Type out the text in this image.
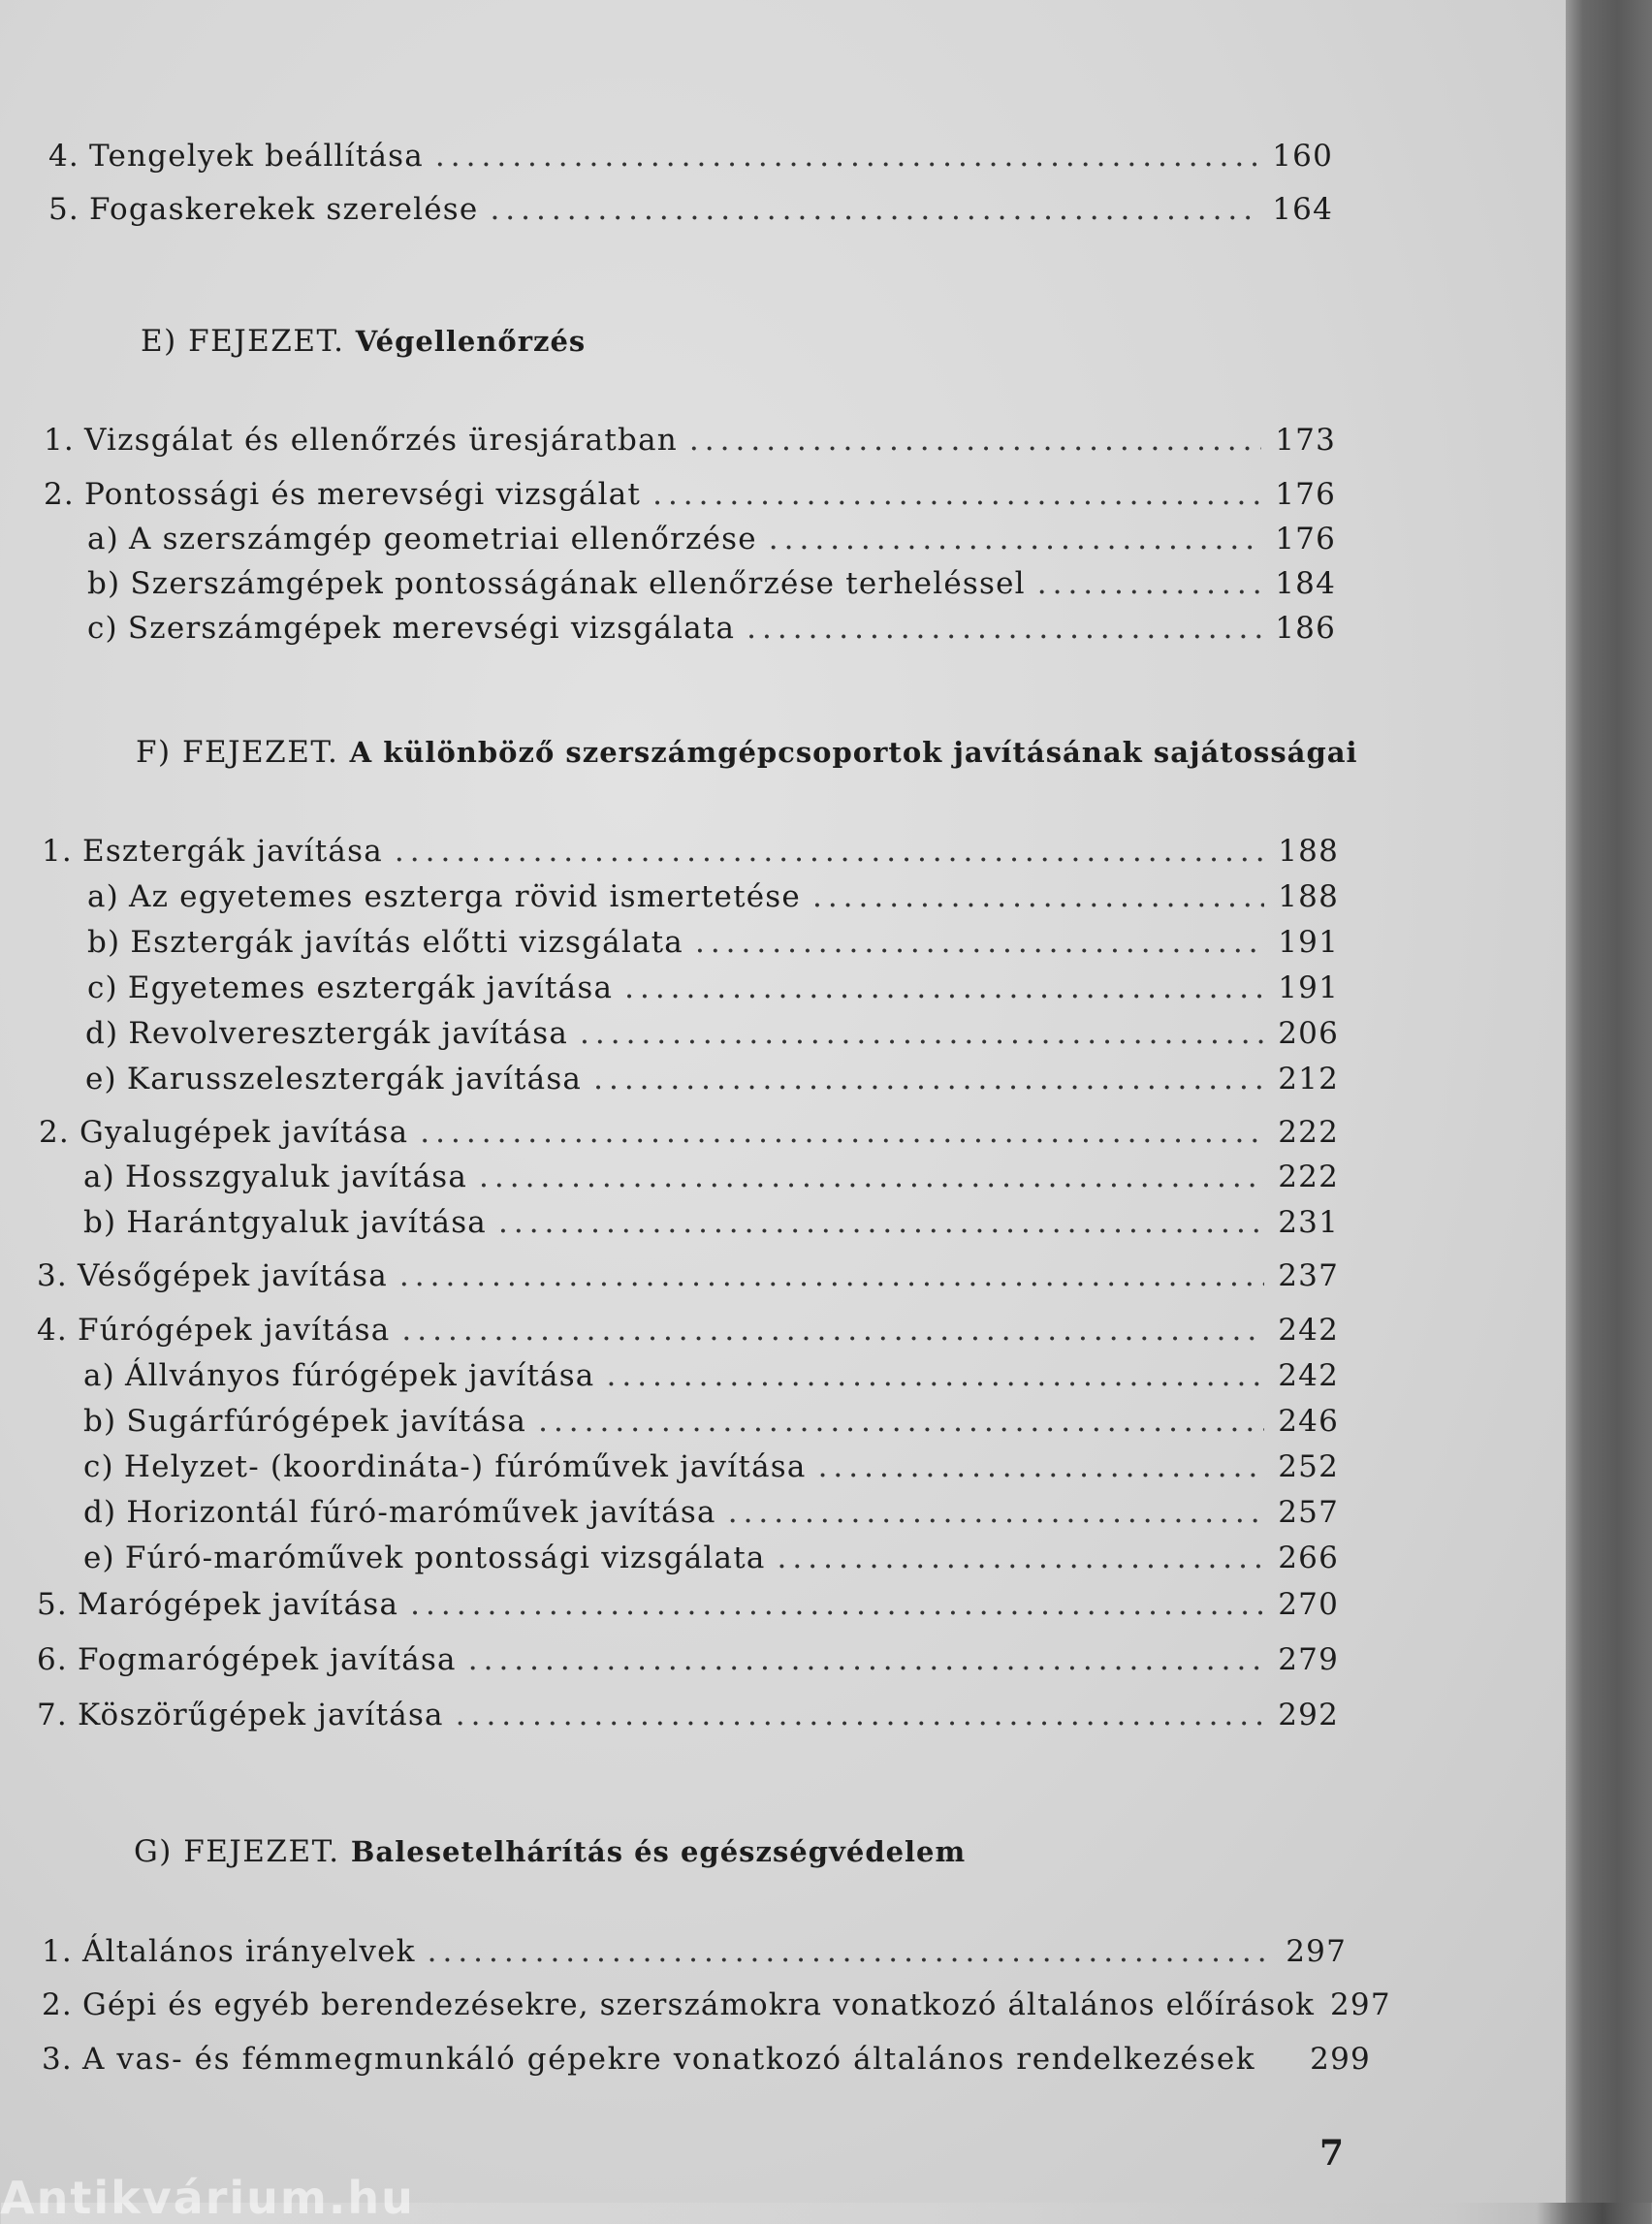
4. Tengelyek beállítása .....	160
5. Fogaskerekek szerelése .....	164
E) FEJEZET. Végellenőrzés
1. Vizsgálat és ellenőrzés üresjáratban .....	173
2. Pontossági és merevségi vizsgálat .....	176
a) A szerszámgép geometriai ellenőrzése .....	176
b) Szerszámgépek pontosságának ellenőrzése terheléssel .....	184
c) Szerszámgépek merevségi vizsgálata .....	186
F) FEJEZET. A különböző szerszámgépcsoportok javításának sajátosságai
1. Esztergák javítása .....	188
a) Az egyetemes eszterga rövid ismertetése .....	188
b) Esztergák javítás előtti vizsgálata .....	191
c) Egyetemes esztergák javítása .....	191
d) Revolveresztergák javítása .....	206
e) Karusszelesztergák javítása .....	212
2. Gyalugépek javítása .....	222
a) Hosszgyaluk javítása .....	222
b) Harántgyaluk javítása .....	231
3. Vésőgépek javítása .....	237
4. Fúrógépek javítása .....	242
a) Állványos fúrógépek javítása .....	242
b) Sugárfúrógépek javítása .....	246
c) Helyzet- (koordináta-) fúróművek javítása .....	252
d) Horizontál fúró-maróművek javítása .....	257
e) Fúró-maróművek pontossági vizsgálata .....	266
5. Marógépek javítása .....	270
6. Fogmarógépek javítása .....	279
7. Köszörűgépek javítása .....	292
G) FEJEZET. Balesetelhárítás és egészségvédelem
1. Általános irányelvek .....	297
2. Gépi és egyéb berendezésekre, szerszámokra vonatkozó általános előírások 297
3. A vas- és fémmegmunkáló gépekre vonatkozó általános rendelkezések 299
7
Antikvárium.hu
